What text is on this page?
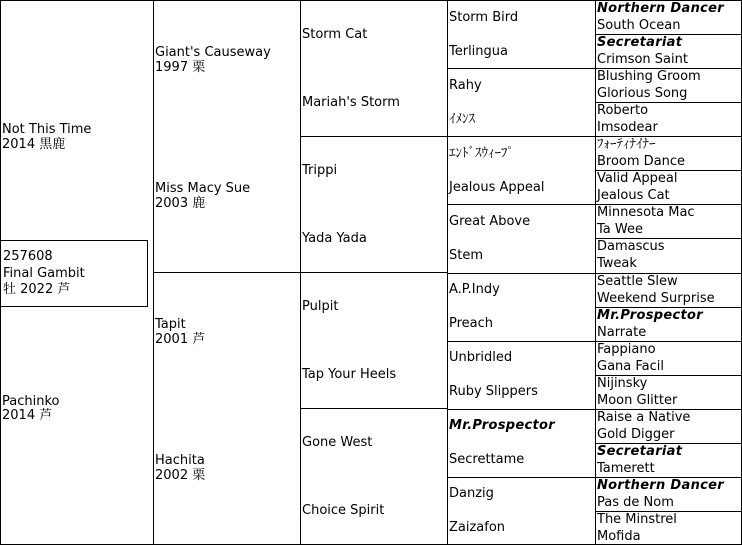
257608
Final Gambit
牡 2022 芦
Not This Time
2014 黒鹿
Pachinko
2014 芦
Giant's Causeway
1997 栗
Miss Macy Sue
2003 鹿
Tapit
2001 芦
Hachita
2002 栗
Storm Cat
Mariah's Storm
Trippi
Yada Yada
Pulpit
Tap Your Heels
Gone West
Choice Spirit
Storm Bird
Terlingua
Rahy
ｲﾒﾝｽ
ｴﾝﾄﾞｽｳｨｰﾌﾟ
Jealous Appeal
Great Above
Stem
A.P.Indy
Preach
Unbridled
Ruby Slippers
Mr.Prospector
Secrettame
Danzig
Zaizafon
Northern Dancer
South Ocean
Secretariat
Crimson Saint
Blushing Groom
Glorious Song
Roberto
Imsodear
ﾌｫｰﾃｨﾅｲﾅｰ
Broom Dance
Valid Appeal
Jealous Cat
Minnesota Mac
Ta Wee
Damascus
Tweak
Seattle Slew
Weekend Surprise
Mr.Prospector
Narrate
Fappiano
Gana Facil
Nijinsky
Moon Glitter
Raise a Native
Gold Digger
Secretariat
Tamerett
Northern Dancer
Pas de Nom
The Minstrel
Mofida
